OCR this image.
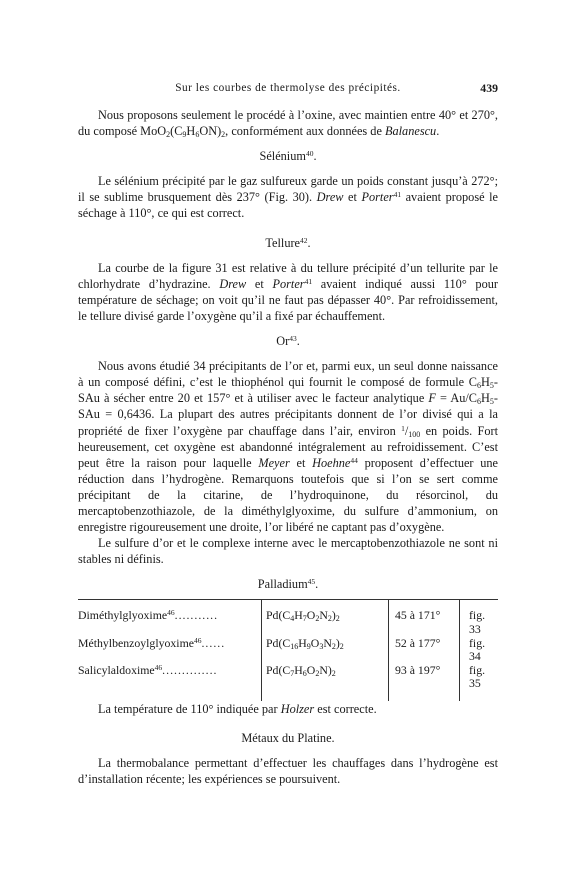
Sur les courbes de thermolyse des précipités.	439

Nous proposons seulement le procédé à l’oxine, avec maintien entre 40° et 270°, du composé $MoO_2(C_9H_6ON)_2$, conformément aux données de Balanescu.

Sélénium$^{40}$.

Le sélénium précipité par le gaz sulfureux garde un poids constant jusqu’à 272°; il se sublime brusquement dès 237° (Fig. 30). Drew et Porter$^{41}$ avaient proposé le séchage à 110°, ce qui est correct.

Tellure$^{42}$.

La courbe de la figure 31 est relative à du tellure précipité d’un tellurite par le chlorhydrate d’hydrazine. Drew et Porter$^{41}$ avaient indiqué aussi 110° pour température de séchage; on voit qu’il ne faut pas dépasser 40°. Par refroidissement, le tellure divisé garde l’oxygène qu’il a fixé par échauffement.

Or$^{43}$.

Nous avons étudié 34 précipitants de l’or et, parmi eux, un seul donne naissance à un composé défini, c’est le thiophénol qui fournit le composé de formule $C_6H_5$-SAu à sécher entre 20 et 157° et à utiliser avec le facteur analytique $F = Au/C_6H_5$-SAu = 0,6436. La plupart des autres précipitants donnent de l’or divisé qui a la propriété de fixer l’oxygène par chauffage dans l’air, environ $^1/_{100}$ en poids. Fort heureusement, cet oxygène est abandonné intégralement au refroidissement. C’est peut être la raison pour laquelle Meyer et Hoehne$^{44}$ proposent d’effectuer une réduction dans l’hydrogène. Remarquons toutefois que si l’on se sert comme précipitant de la citarine, de l’hydroquinone, du résorcinol, du mercaptobenzothiazole, de la diméthylglyoxime, du sulfure d’ammonium, on enregistre rigoureusement une droite, l’or libéré ne captant pas d’oxygène.

Le sulfure d’or et le complexe interne avec le mercaptobenzothiazole ne sont ni stables ni définis.

Palladium$^{45}$.

Diméthylglyoxime$^{46}$...........	$Pd(C_4H_7O_2N_2)_2$	45 à 171°	fig. 33
Méthylbenzoylglyoxime$^{46}$......	$Pd(C_{16}H_9O_3N_2)_2$	52 à 177°	fig. 34
Salicylaldoxime$^{46}$..............	$Pd(C_7H_6O_2N)_2$	93 à 197°	fig. 35

La température de 110° indiquée par Holzer est correcte.

Métaux du Platine.

La thermobalance permettant d’effectuer les chauffages dans l’hydrogène est d’installation récente; les expériences se poursuivent.
